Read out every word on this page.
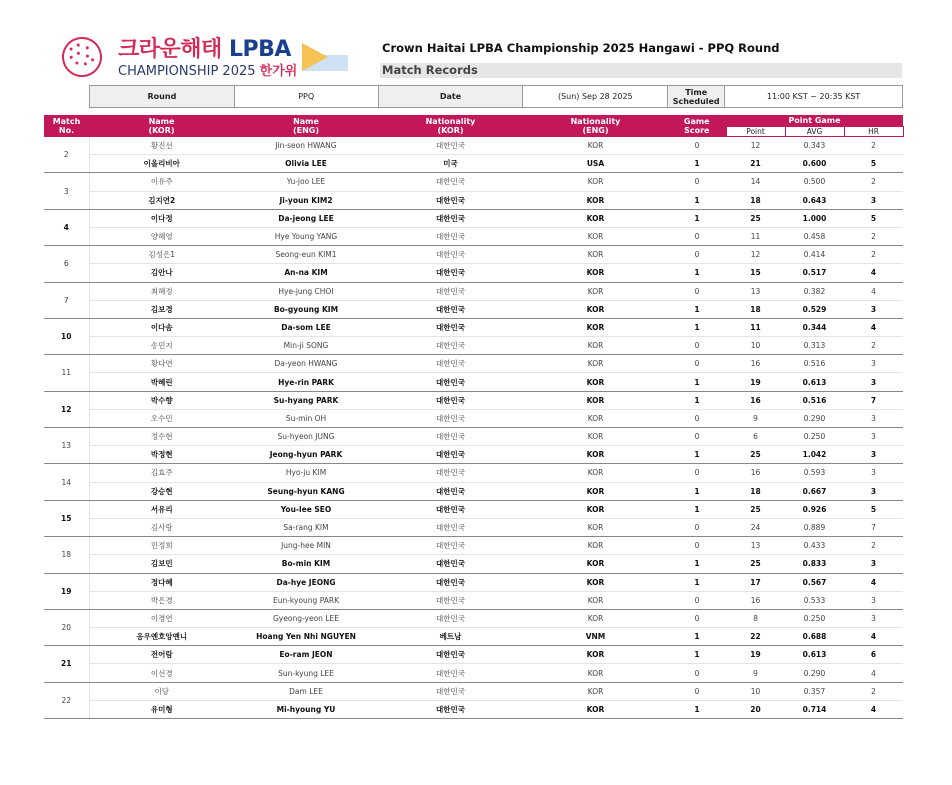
크라운해태 LPBA
CHAMPIONSHIP 2025 한가위
Crown Haitai LPBA Championship 2025 Hangawi - PPQ Round
Match Records
Round	PPQ	Date	(Sun) Sep 28 2025	Time
Scheduled	11:00 KST ~ 20:35 KST
Match
No.	Name
(KOR)	Name
(ENG)	Nationality
(KOR)	Nationality
(ENG)	Game
Score	Point Game		
						Point	AVG	HR
2	황진선	Jin-seon HWANG	대한민국	KOR	0	12	0.343	2
	이올리비아	Olivia LEE	미국	USA	1	21	0.600	5
3	이유주	Yu-joo LEE	대한민국	KOR	0	14	0.500	2
	김지연2	Ji-youn KIM2	대한민국	KOR	1	18	0.643	3
4	이다정	Da-jeong LEE	대한민국	KOR	1	25	1.000	5
	양혜영	Hye Young YANG	대한민국	KOR	0	11	0.458	2
6	김성은1	Seong-eun KIM1	대한민국	KOR	0	12	0.414	2
	김안나	An-na KIM	대한민국	KOR	1	15	0.517	4
7	최혜정	Hye-jung CHOI	대한민국	KOR	0	13	0.382	4
	김보경	Bo-gyoung KIM	대한민국	KOR	1	18	0.529	3
10	이다솜	Da-som LEE	대한민국	KOR	1	11	0.344	4
	송민지	Min-ji SONG	대한민국	KOR	0	10	0.313	2
11	황다연	Da-yeon HWANG	대한민국	KOR	0	16	0.516	3
	박혜린	Hye-rin PARK	대한민국	KOR	1	19	0.613	3
12	박수향	Su-hyang PARK	대한민국	KOR	1	16	0.516	7
	오수민	Su-min OH	대한민국	KOR	0	9	0.290	3
13	정수현	Su-hyeon JUNG	대한민국	KOR	0	6	0.250	3
	박정현	Jeong-hyun PARK	대한민국	KOR	1	25	1.042	3
14	김효주	Hyo-ju KIM	대한민국	KOR	0	16	0.593	3
	강승현	Seung-hyun KANG	대한민국	KOR	1	18	0.667	3
15	서유리	You-lee SEO	대한민국	KOR	1	25	0.926	5
	김사랑	Sa-rang KIM	대한민국	KOR	0	24	0.889	7
18	민정희	Jung-hee MIN	대한민국	KOR	0	13	0.433	2
	김보민	Bo-min KIM	대한민국	KOR	1	25	0.833	3
19	정다혜	Da-hye JEONG	대한민국	KOR	1	17	0.567	4
	박은경	Eun-kyoung PARK	대한민국	KOR	0	16	0.533	3
20	이경연	Gyeong-yeon LEE	대한민국	KOR	0	8	0.250	3
	응우옌호앙옌니	Hoang Yen Nhi NGUYEN	베트남	VNM	1	22	0.688	4
21	전어람	Eo-ram JEON	대한민국	KOR	1	19	0.613	6
	이선경	Sun-kyung LEE	대한민국	KOR	0	9	0.290	4
22	이당	Dam LEE	대한민국	KOR	0	10	0.357	2
	유미형	Mi-hyoung YU	대한민국	KOR	1	20	0.714	4
